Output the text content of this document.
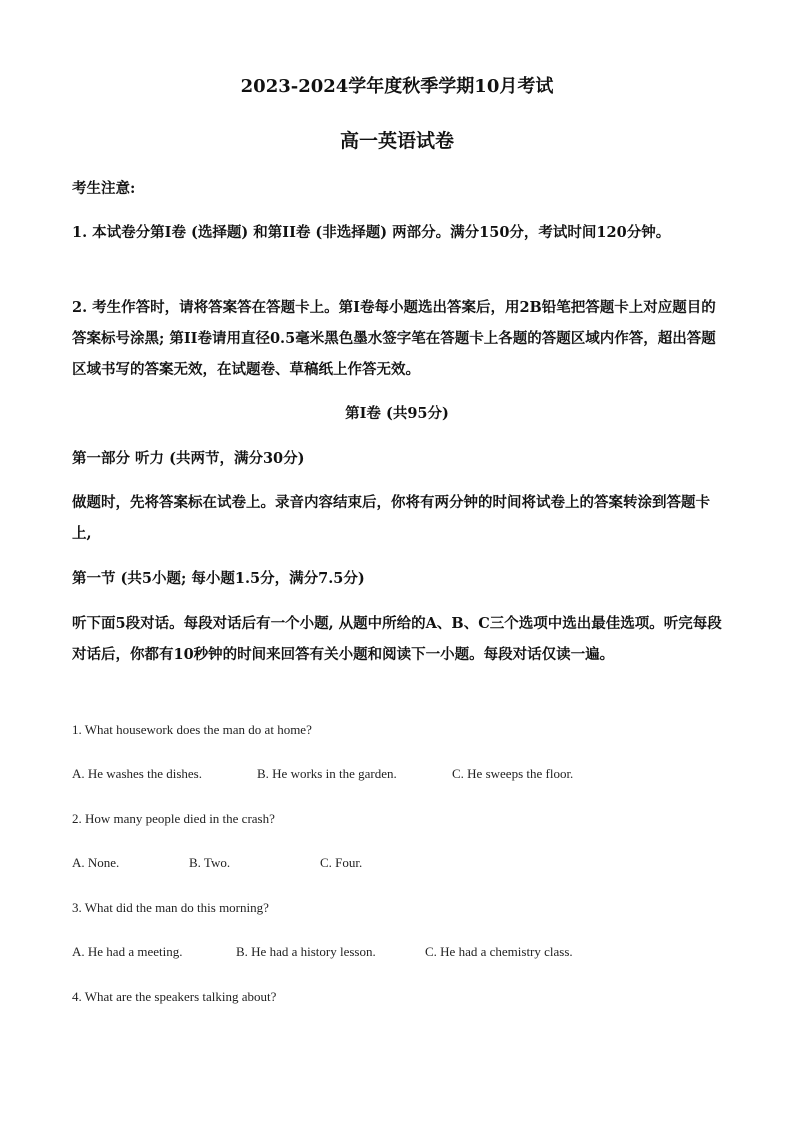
2023-2024学年度秋季学期10月考试
高一英语试卷

考生注意:

1. 本试卷分第I卷 (选择题) 和第II卷 (非选择题) 两部分。满分150分，考试时间120分钟。

2. 考生作答时，请将答案答在答题卡上。第I卷每小题选出答案后，用2B铅笔把答题卡上对应题目的答案标号涂黑; 第II卷请用直径0.5毫米黑色墨水签字笔在答题卡上各题的答题区域内作答，超出答题区域书写的答案无效，在试题卷、草稿纸上作答无效。

第I卷 (共95分)

第一部分 听力 (共两节，满分30分)

做题时，先将答案标在试卷上。录音内容结束后，你将有两分钟的时间将试卷上的答案转涂到答题卡上,

第一节 (共5小题; 每小题1.5分，满分7.5分)

听下面5段对话。每段对话后有一个小题, 从题中所给的A、B、C三个选项中选出最佳选项。听完每段对话后，你都有10秒钟的时间来回答有关小题和阅读下一小题。每段对话仅读一遍。

1. What housework does the man do at home?
A. He washes the dishes.	B. He works in the garden.	C. He sweeps the floor.
2. How many people died in the crash?
A. None.	B. Two.	C. Four.
3. What did the man do this morning?
A. He had a meeting.	B. He had a history lesson.	C. He had a chemistry class.
4. What are the speakers talking about?
